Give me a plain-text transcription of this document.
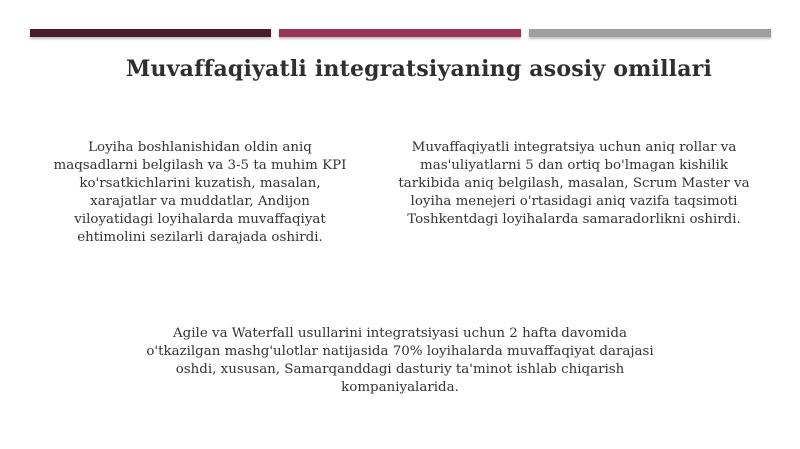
Muvaffaqiyatli integratsiyaning asosiy omillari

Loyiha boshlanishidan oldin aniq maqsadlarni belgilash va 3-5 ta muhim KPI ko'rsatkichlarini kuzatish, masalan, xarajatlar va muddatlar, Andijon viloyatidagi loyihalarda muvaffaqiyat ehtimolini sezilarli darajada oshirdi.

Muvaffaqiyatli integratsiya uchun aniq rollar va mas'uliyatlarni 5 dan ortiq bo'lmagan kishilik tarkibida aniq belgilash, masalan, Scrum Master va loyiha menejeri o'rtasidagi aniq vazifa taqsimoti Toshkentdagi loyihalarda samaradorlikni oshirdi.

Agile va Waterfall usullarini integratsiyasi uchun 2 hafta davomida o'tkazilgan mashg'ulotlar natijasida 70% loyihalarda muvaffaqiyat darajasi oshdi, xususan, Samarqanddagi dasturiy ta'minot ishlab chiqarish kompaniyalarida.
